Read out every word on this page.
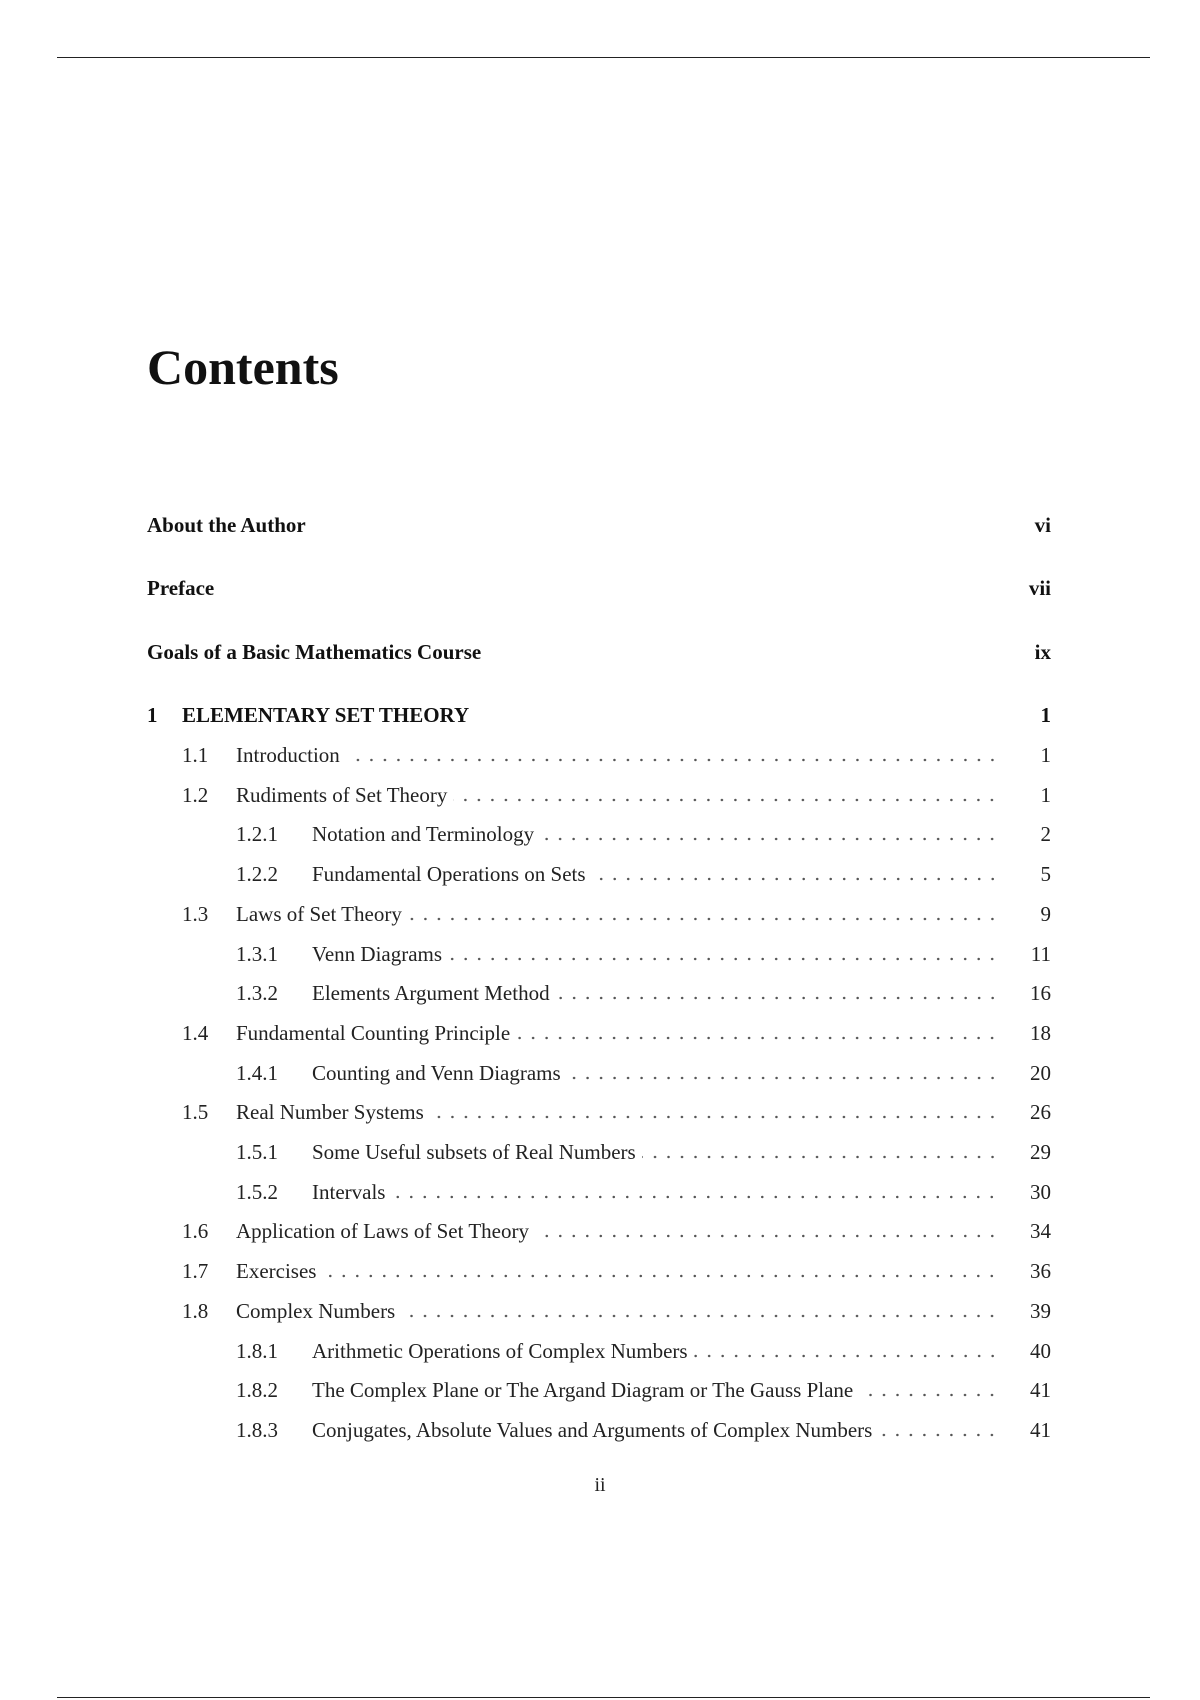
Contents
About the Author	vi
Preface	vii
Goals of a Basic Mathematics Course	ix
1	ELEMENTARY SET THEORY	1
1.1	Introduction	1
1.2	Rudiments of Set Theory	1
1.2.1	Notation and Terminology	2
1.2.2	Fundamental Operations on Sets	5
1.3	Laws of Set Theory	9
1.3.1	Venn Diagrams	11
1.3.2	Elements Argument Method	16
1.4	Fundamental Counting Principle	18
1.4.1	Counting and Venn Diagrams	20
1.5	Real Number Systems	26
1.5.1	Some Useful subsets of Real Numbers	29
1.5.2	Intervals	30
1.6	Application of Laws of Set Theory	34
1.7	Exercises	36
1.8	Complex Numbers	39
1.8.1	Arithmetic Operations of Complex Numbers	40
1.8.2	The Complex Plane or The Argand Diagram or The Gauss Plane	41
1.8.3	Conjugates, Absolute Values and Arguments of Complex Numbers	41
ii
